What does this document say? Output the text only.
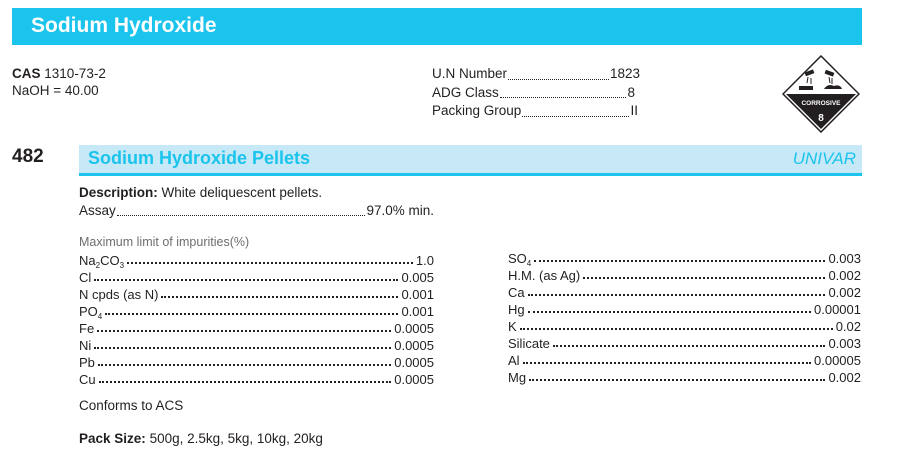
Sodium Hydroxide
CAS 1310-73-2
NaOH = 40.00
U.N Number	1823
ADG Class	8
Packing Group	II	CORROSIVE
8
482 Sodium Hydroxide Pellets	UNIVAR
Description: White deliquescent pellets.
Assay	97.0% min.
Maximum limit of impurities(%)
$Na_2CO_3$	1.0
Cl	0.005
N cpds (as N)	0.001
$PO_4$	0.001
Fe	0.0005
Ni	0.0005
Pb	0.0005
Cu	0.0005
$SO_4$	0.003
H.M. (as Ag)	0.002
Ca	0.002
Hg	0.00001
K	0.02
Silicate	0.003
Al	0.00005
Mg	0.002
Conforms to ACS
Pack Size: 500g, 2.5kg, 5kg, 10kg, 20kg
